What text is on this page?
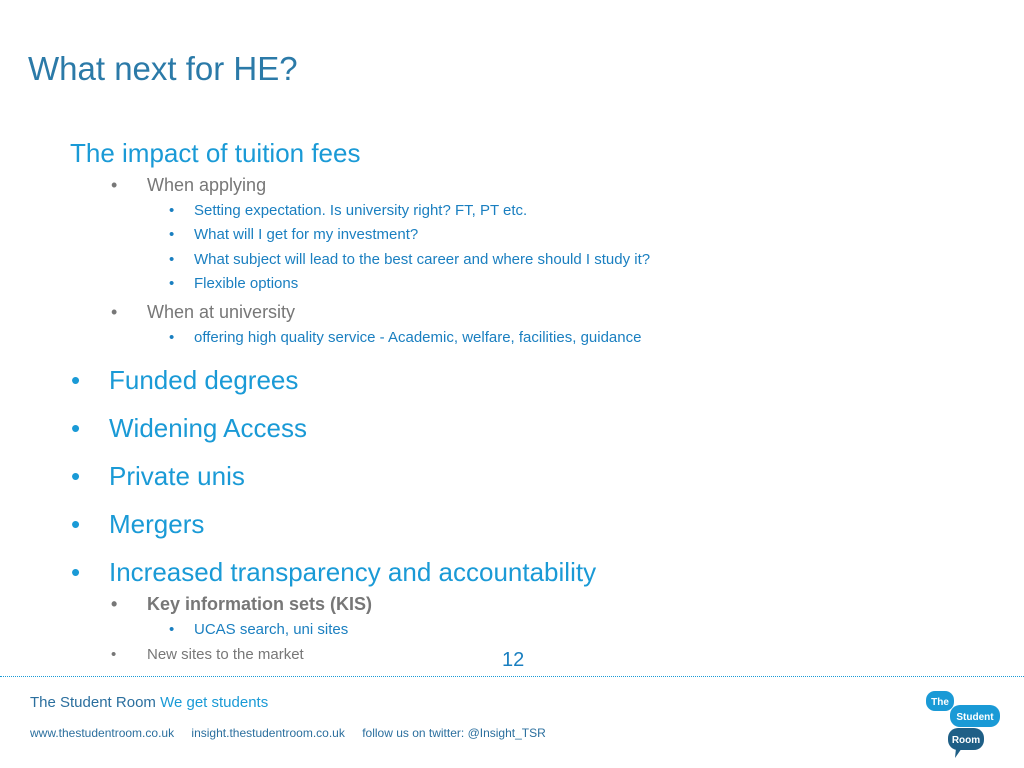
What next for HE?
The impact of tuition fees
• When applying
• Setting expectation. Is university right? FT, PT etc.
• What will I get for my investment?
• What subject will lead to the best career and where should I study it?
• Flexible options
• When at university
• offering high quality service - Academic, welfare, facilities, guidance
• Funded degrees
• Widening Access
• Private unis
• Mergers
• Increased transparency and accountability
• Key information sets (KIS)
• UCAS search, uni sites
• New sites to the market	12
The Student Room We get students
www.thestudentroom.co.uk insight.thestudentroom.co.uk follow us on twitter: @Insight_TSR
The
Student
Room
